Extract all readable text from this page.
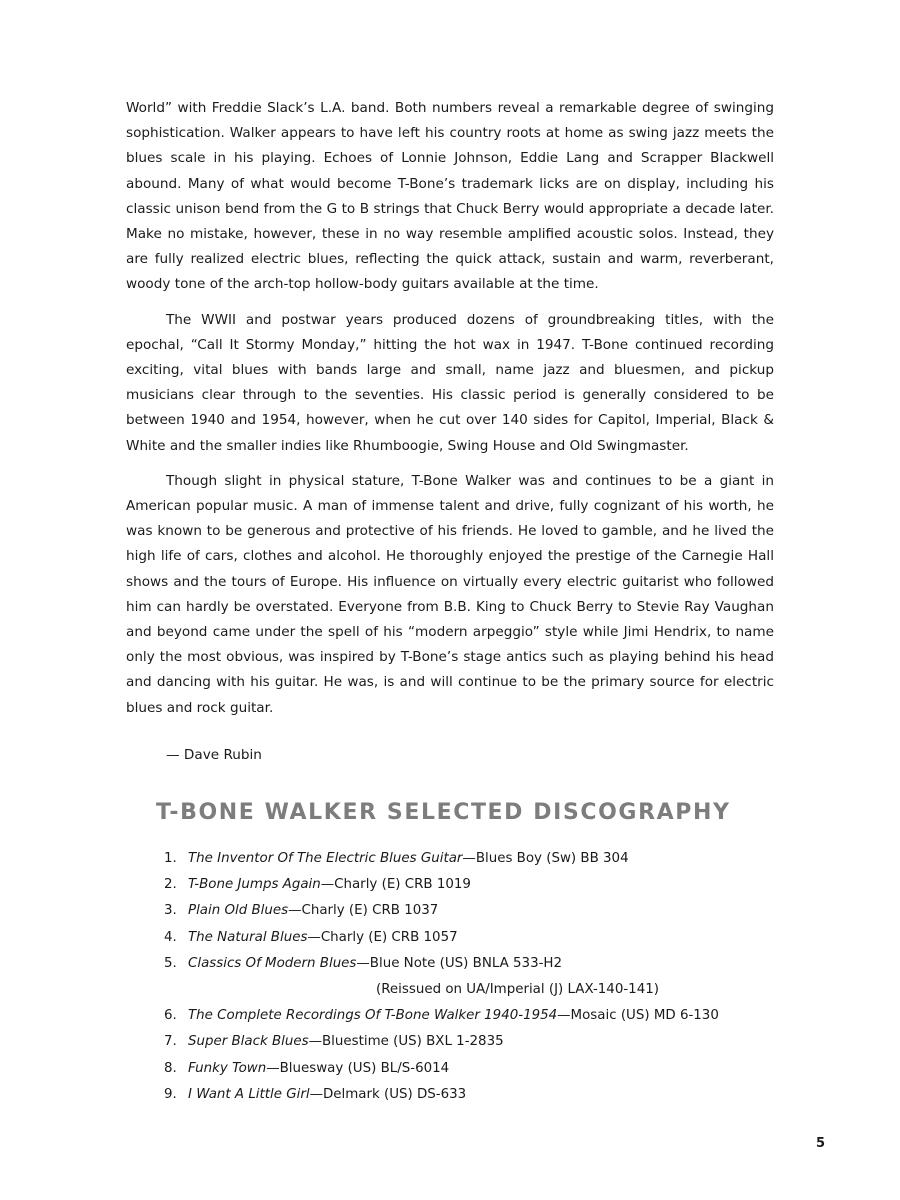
World” with Freddie Slack’s L.A. band. Both numbers reveal a remarkable degree of swinging sophistication. Walker appears to have left his country roots at home as swing jazz meets the blues scale in his playing. Echoes of Lonnie Johnson, Eddie Lang and Scrapper Blackwell abound. Many of what would become T-Bone’s trademark licks are on display, including his classic unison bend from the G to B strings that Chuck Berry would appropriate a decade later. Make no mistake, however, these in no way resemble amplified acoustic solos. Instead, they are fully realized electric blues, reflecting the quick attack, sustain and warm, reverberant, woody tone of the arch-top hollow-body guitars available at the time.

The WWII and postwar years produced dozens of groundbreaking titles, with the epochal, “Call It Stormy Monday,” hitting the hot wax in 1947. T-Bone continued recording exciting, vital blues with bands large and small, name jazz and bluesmen, and pickup musicians clear through to the seventies. His classic period is generally considered to be between 1940 and 1954, however, when he cut over 140 sides for Capitol, Imperial, Black & White and the smaller indies like Rhumboogie, Swing House and Old Swingmaster.

Though slight in physical stature, T-Bone Walker was and continues to be a giant in American popular music. A man of immense talent and drive, fully cognizant of his worth, he was known to be generous and protective of his friends. He loved to gamble, and he lived the high life of cars, clothes and alcohol. He thoroughly enjoyed the prestige of the Carnegie Hall shows and the tours of Europe. His influence on virtually every electric guitarist who followed him can hardly be overstated. Everyone from B.B. King to Chuck Berry to Stevie Ray Vaughan and beyond came under the spell of his “modern arpeggio” style while Jimi Hendrix, to name only the most obvious, was inspired by T-Bone’s stage antics such as playing behind his head and dancing with his guitar. He was, is and will continue to be the primary source for electric blues and rock guitar.

— Dave Rubin
T-BONE WALKER SELECTED DISCOGRAPHY
1. The Inventor Of The Electric Blues Guitar—Blues Boy (Sw) BB 304
2. T-Bone Jumps Again—Charly (E) CRB 1019
3. Plain Old Blues—Charly (E) CRB 1037
4. The Natural Blues—Charly (E) CRB 1057
5. Classics Of Modern Blues—Blue Note (US) BNLA 533-H2
(Reissued on UA/Imperial (J) LAX-140-141)
6. The Complete Recordings Of T-Bone Walker 1940-1954—Mosaic (US) MD 6-130
7. Super Black Blues—Bluestime (US) BXL 1-2835
8. Funky Town—Bluesway (US) BL/S-6014
9. I Want A Little Girl—Delmark (US) DS-633
5
